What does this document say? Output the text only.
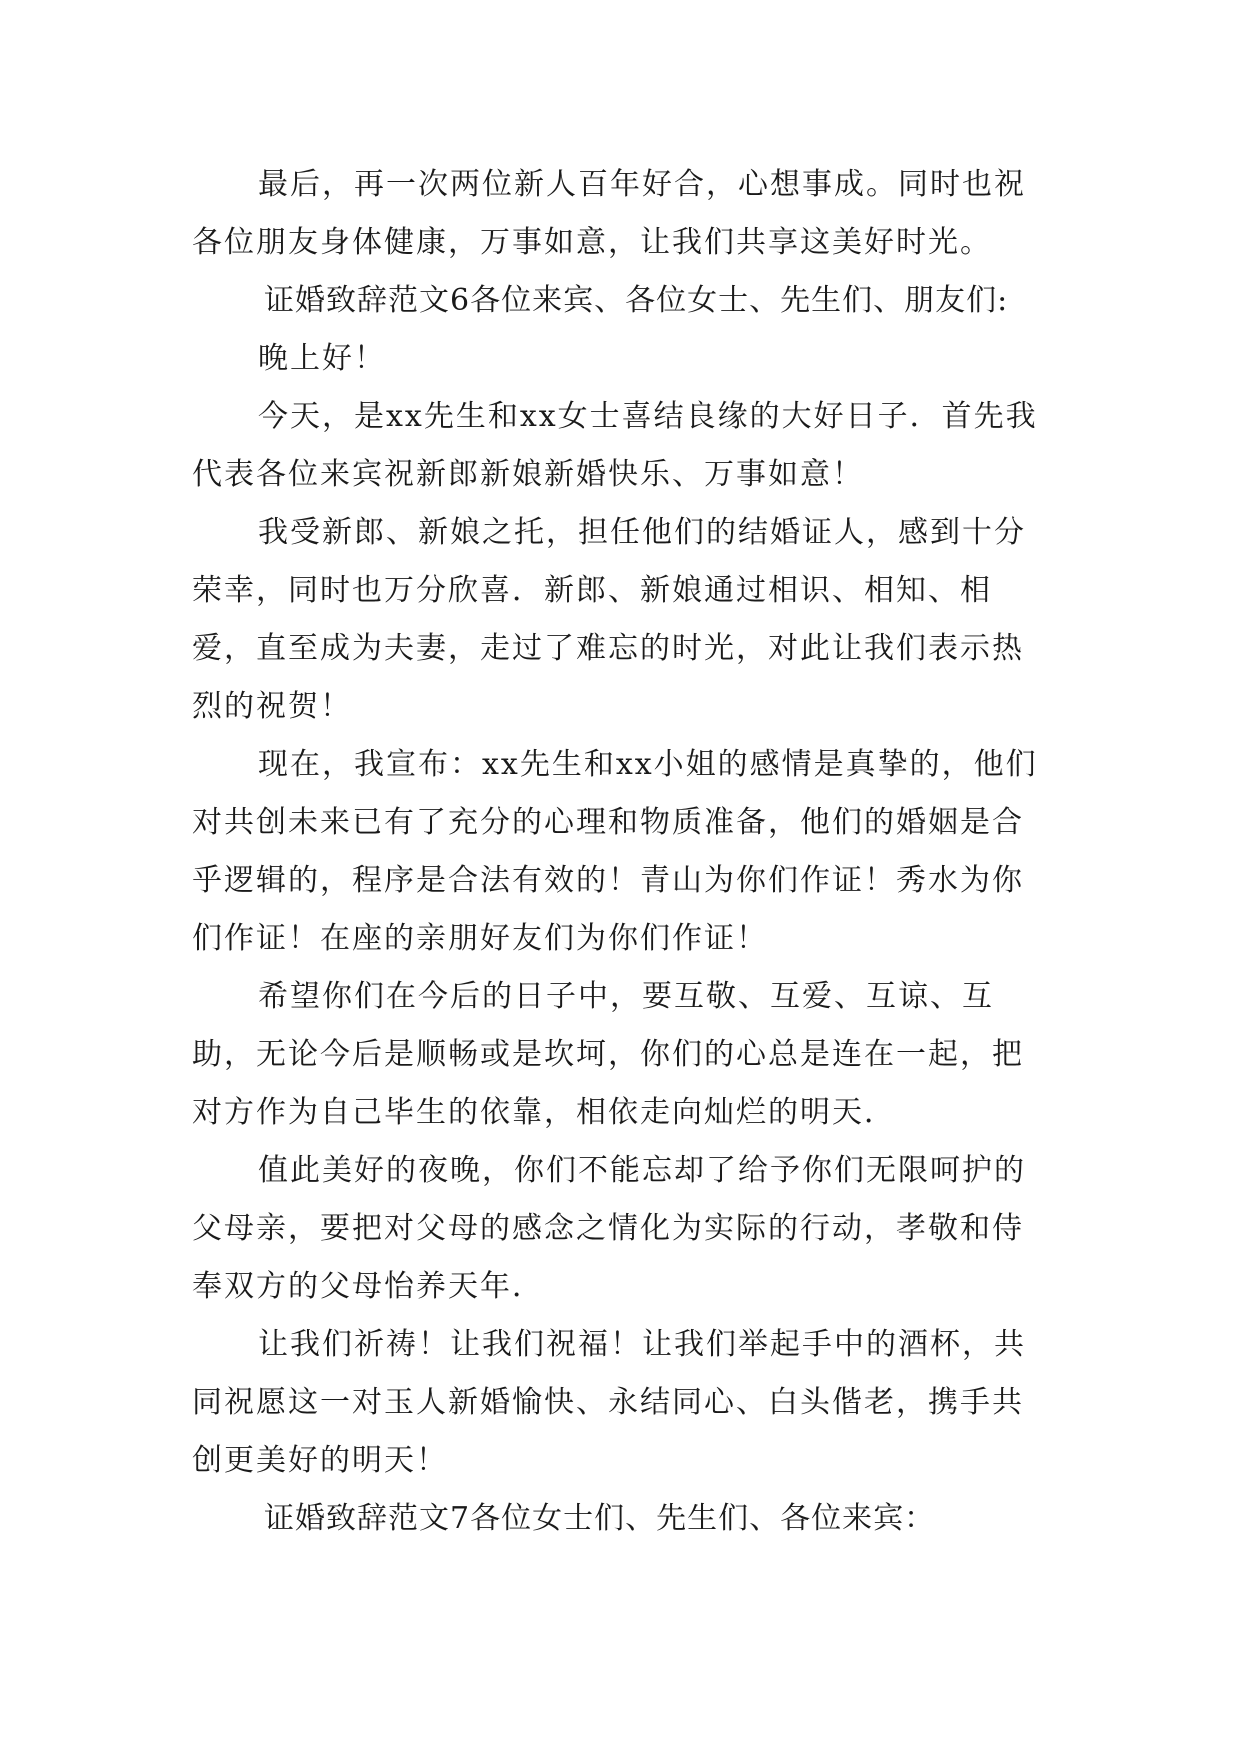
最后，再一次两位新人百年好合，心想事成。同时也祝各位朋友身体健康，万事如意，让我们共享这美好时光。

证婚致辞范文6各位来宾、各位女士、先生们、朋友们:

晚上好！

今天，是xx先生和xx女士喜结良缘的大好日子．首先我代表各位来宾祝新郎新娘新婚快乐、万事如意！

我受新郎、新娘之托，担任他们的结婚证人，感到十分荣幸，同时也万分欣喜．新郎、新娘通过相识、相知、相爱，直至成为夫妻，走过了难忘的时光，对此让我们表示热烈的祝贺！

现在，我宣布：xx先生和xx小姐的感情是真挚的，他们对共创未来已有了充分的心理和物质准备，他们的婚姻是合乎逻辑的，程序是合法有效的！青山为你们作证！秀水为你们作证！在座的亲朋好友们为你们作证！

希望你们在今后的日子中，要互敬、互爱、互谅、互助，无论今后是顺畅或是坎坷，你们的心总是连在一起，把对方作为自己毕生的依靠，相依走向灿烂的明天．

值此美好的夜晚，你们不能忘却了给予你们无限呵护的父母亲，要把对父母的感念之情化为实际的行动，孝敬和侍奉双方的父母怡养天年．

让我们祈祷！让我们祝福！让我们举起手中的酒杯，共同祝愿这一对玉人新婚愉快、永结同心、白头偕老，携手共创更美好的明天！

证婚致辞范文7各位女士们、先生们、各位来宾：
